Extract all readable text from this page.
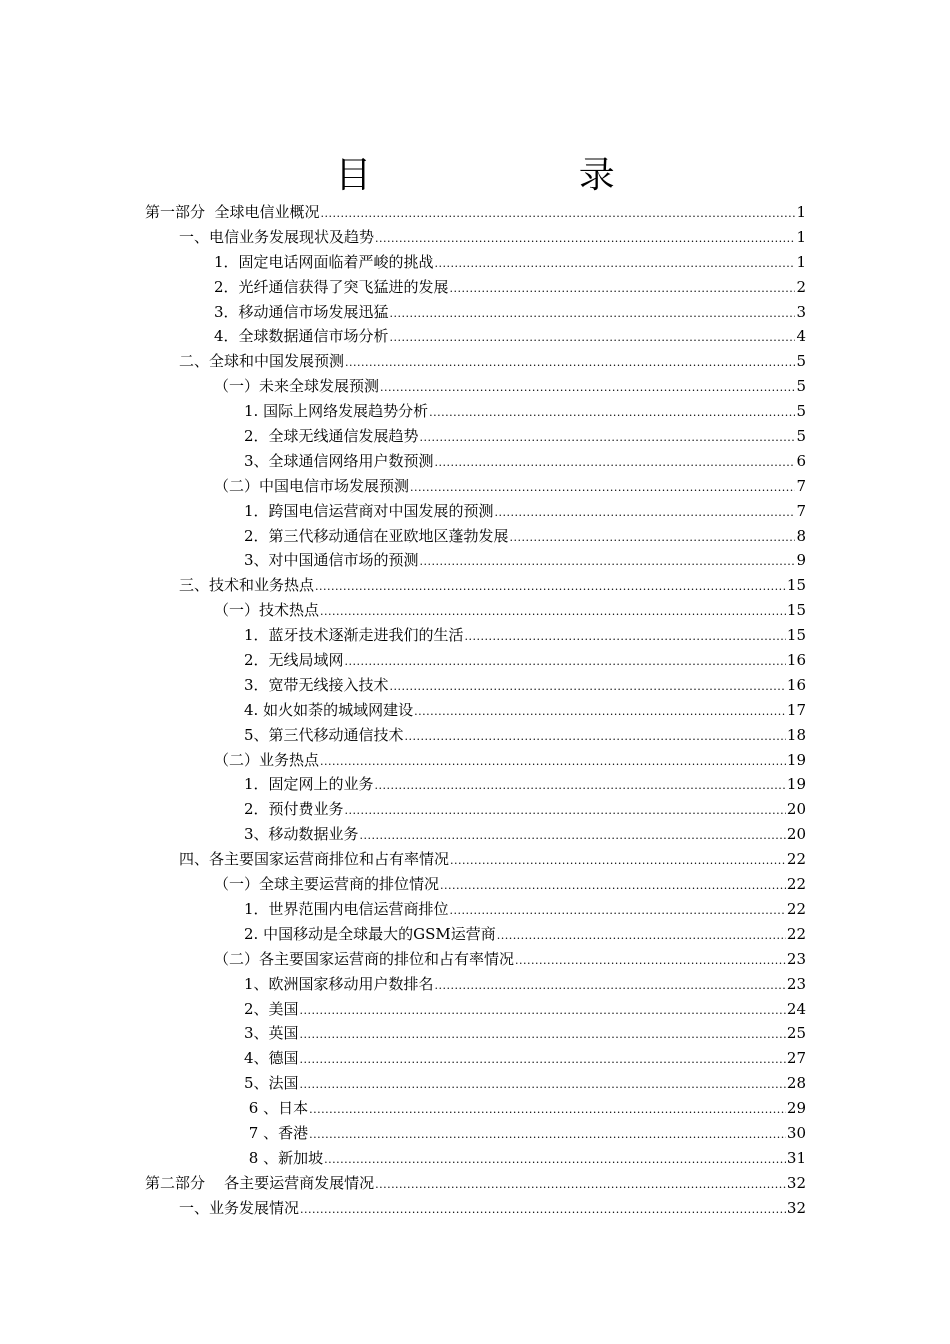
目 录
第一部分  全球电信业概况 .....	1
一、电信业务发展现状及趋势 .....	1
1．固定电话网面临着严峻的挑战 .....	1
2．光纤通信获得了突飞猛进的发展 .....	2
3．移动通信市场发展迅猛 .....	3
4．全球数据通信市场分析 .....	4
二、全球和中国发展预测 .....	5
（一）未来全球发展预测 .....	5
1. 国际上网络发展趋势分析 .....	5
2．全球无线通信发展趋势 .....	5
3、全球通信网络用户数预测 .....	6
（二）中国电信市场发展预测 .....	7
1．跨国电信运营商对中国发展的预测 .....	7
2．第三代移动通信在亚欧地区蓬勃发展 .....	8
3、对中国通信市场的预测 .....	9
三、技术和业务热点 .....	15
（一）技术热点 .....	15
1．蓝牙技术逐渐走进我们的生活 .....	15
2．无线局域网 .....	16
3．宽带无线接入技术 .....	16
4. 如火如荼的城域网建设 .....	17
5、第三代移动通信技术 .....	18
（二）业务热点 .....	19
1．固定网上的业务 .....	19
2．预付费业务 .....	20
3、移动数据业务 .....	20
四、各主要国家运营商排位和占有率情况 .....	22
（一）全球主要运营商的排位情况 .....	22
1．世界范围内电信运营商排位 .....	22
2. 中国移动是全球最大的GSM运营商 .....	22
（二）各主要国家运营商的排位和占有率情况 .....	23
1、欧洲国家移动用户数排名 .....	23
2、美国 .....	24
3、英国 .....	25
4、德国 .....	27
5、法国 .....	28
6 、日本 .....	29
7 、香港 .....	30
8 、新加坡 .....	31
第二部分    各主要运营商发展情况 .....	32
一、业务发展情况 .....	32
